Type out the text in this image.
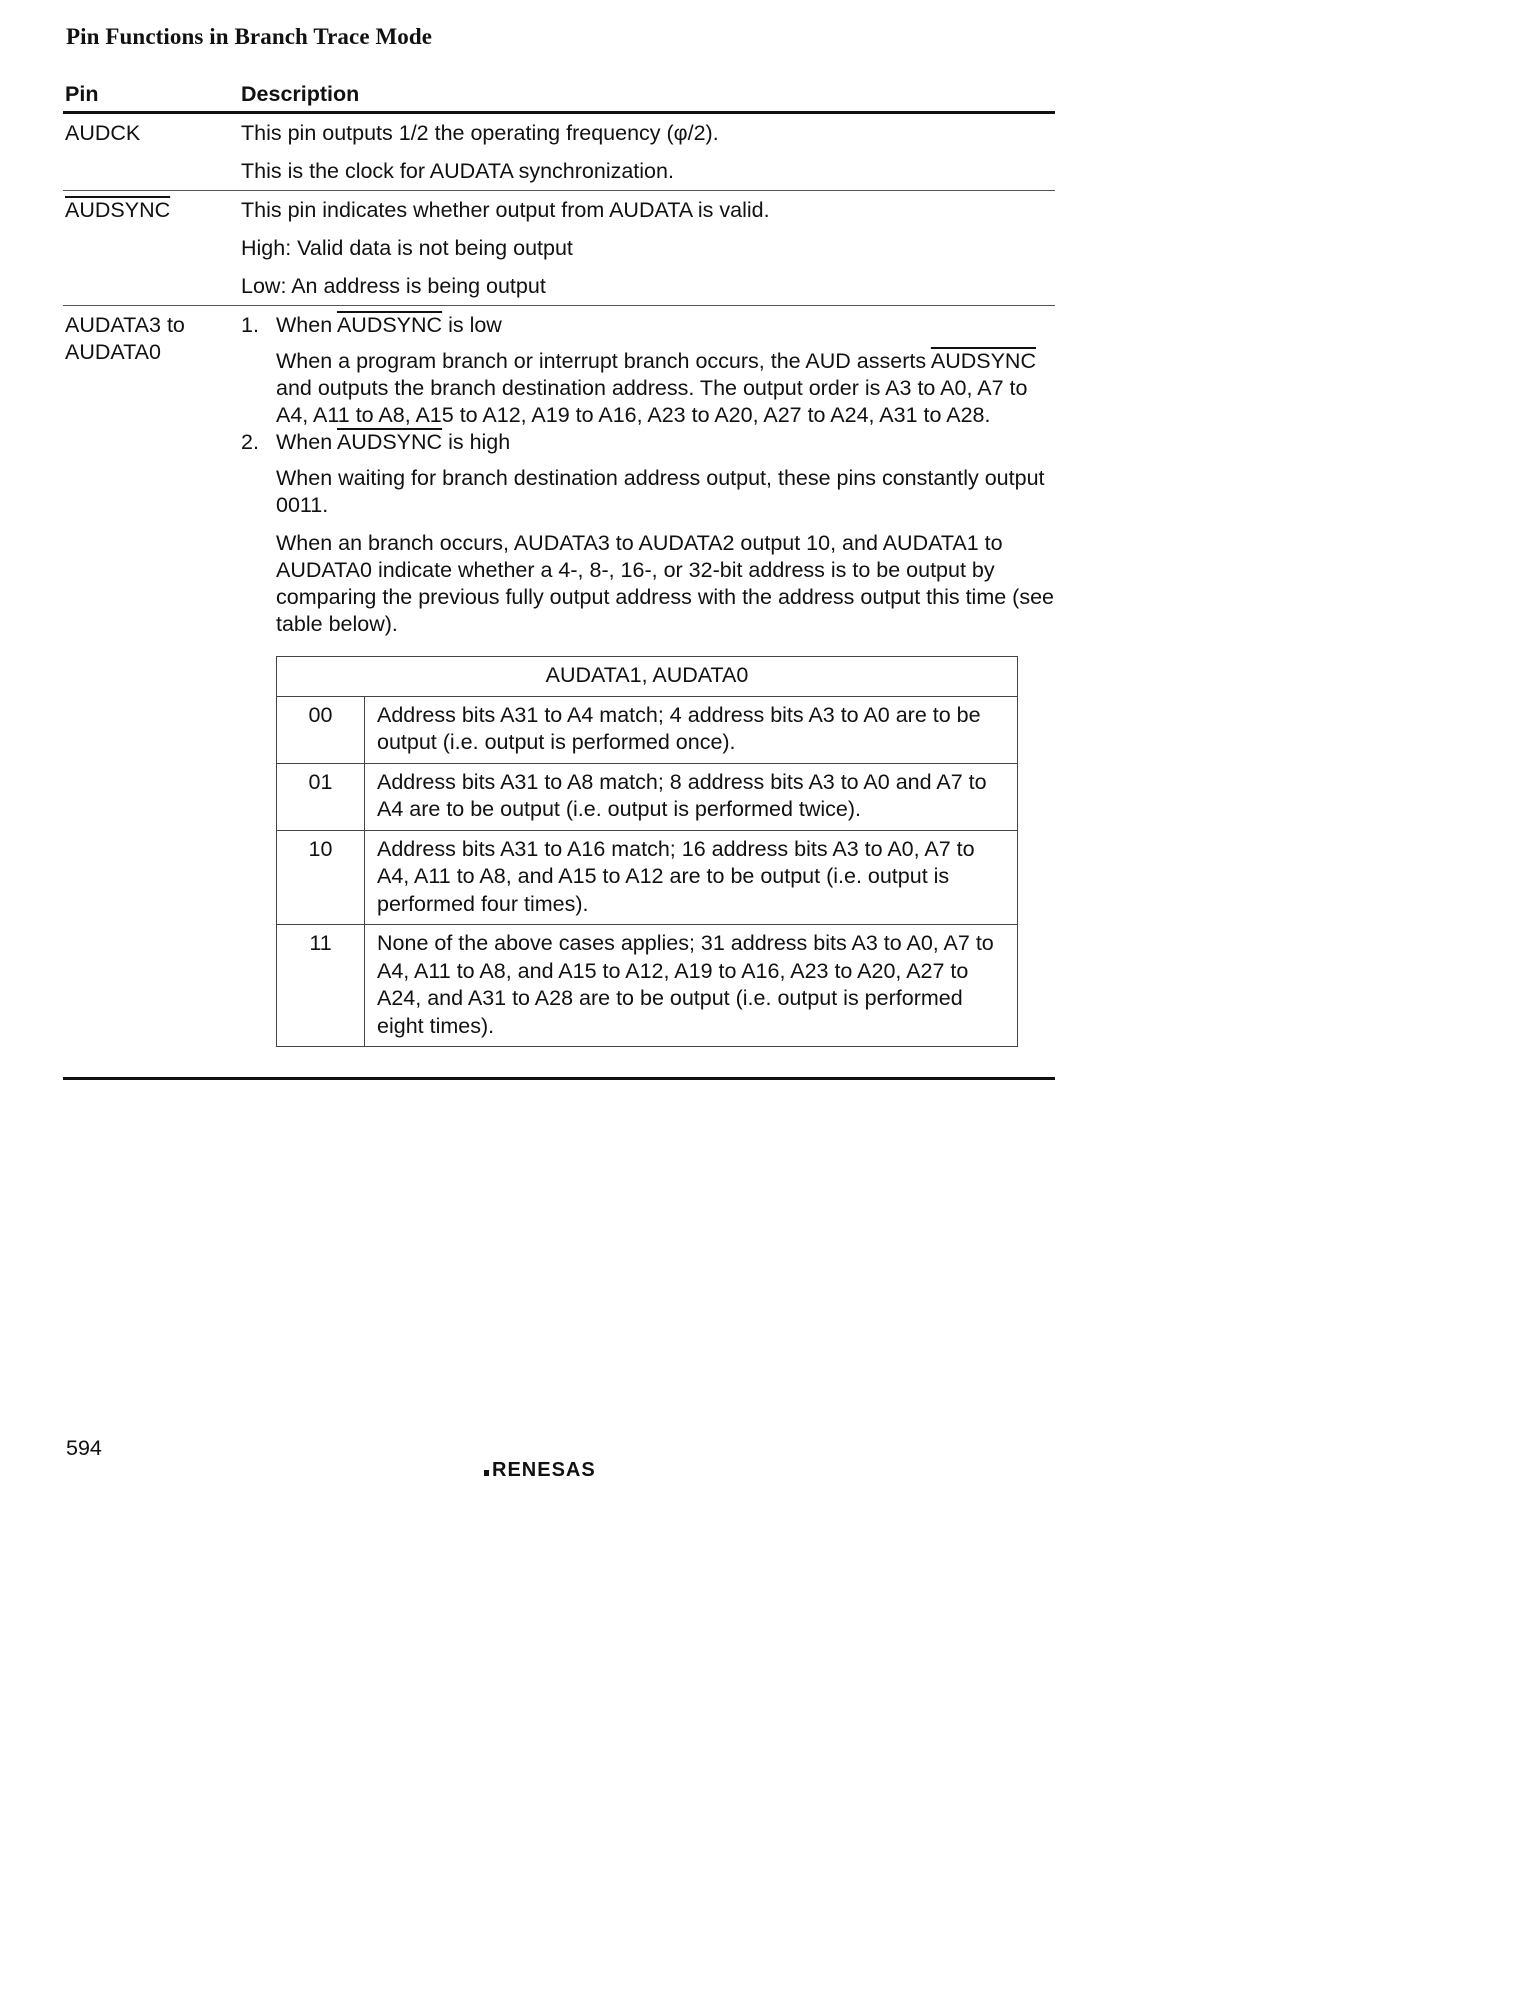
Pin Functions in Branch Trace Mode
Pin	Description
AUDCK	This pin outputs 1/2 the operating frequency (φ/2).

This is the clock for AUDATA synchronization.

AUDSYNC	This pin indicates whether output from AUDATA is valid.

High: Valid data is not being output

Low: An address is being output

AUDATA3 to
AUDATA0
1. When AUDSYNC is low

When a program branch or interrupt branch occurs, the AUD asserts AUDSYNC and outputs the branch destination address. The output order is A3 to A0, A7 to A4, A11 to A8, A15 to A12, A19 to A16, A23 to A20, A27 to A24, A31 to A28.

2. When AUDSYNC is high

When waiting for branch destination address output, these pins constantly output 0011.

When an branch occurs, AUDATA3 to AUDATA2 output 10, and AUDATA1 to AUDATA0 indicate whether a 4-, 8-, 16-, or 32-bit address is to be output by comparing the previous fully output address with the address output this time (see table below).

AUDATA1, AUDATA0	
00	Address bits A31 to A4 match; 4 address bits A3 to A0 are to be output (i.e. output is performed once).
01	Address bits A31 to A8 match; 8 address bits A3 to A0 and A7 to A4 are to be output (i.e. output is performed twice).
10	Address bits A31 to A16 match; 16 address bits A3 to A0, A7 to A4, A11 to A8, and A15 to A12 are to be output (i.e. output is performed four times).
11	None of the above cases applies; 31 address bits A3 to A0, A7 to A4, A11 to A8, and A15 to A12, A19 to A16, A23 to A20, A27 to A24, and A31 to A28 are to be output (i.e. output is performed eight times).
594
RENESAS
